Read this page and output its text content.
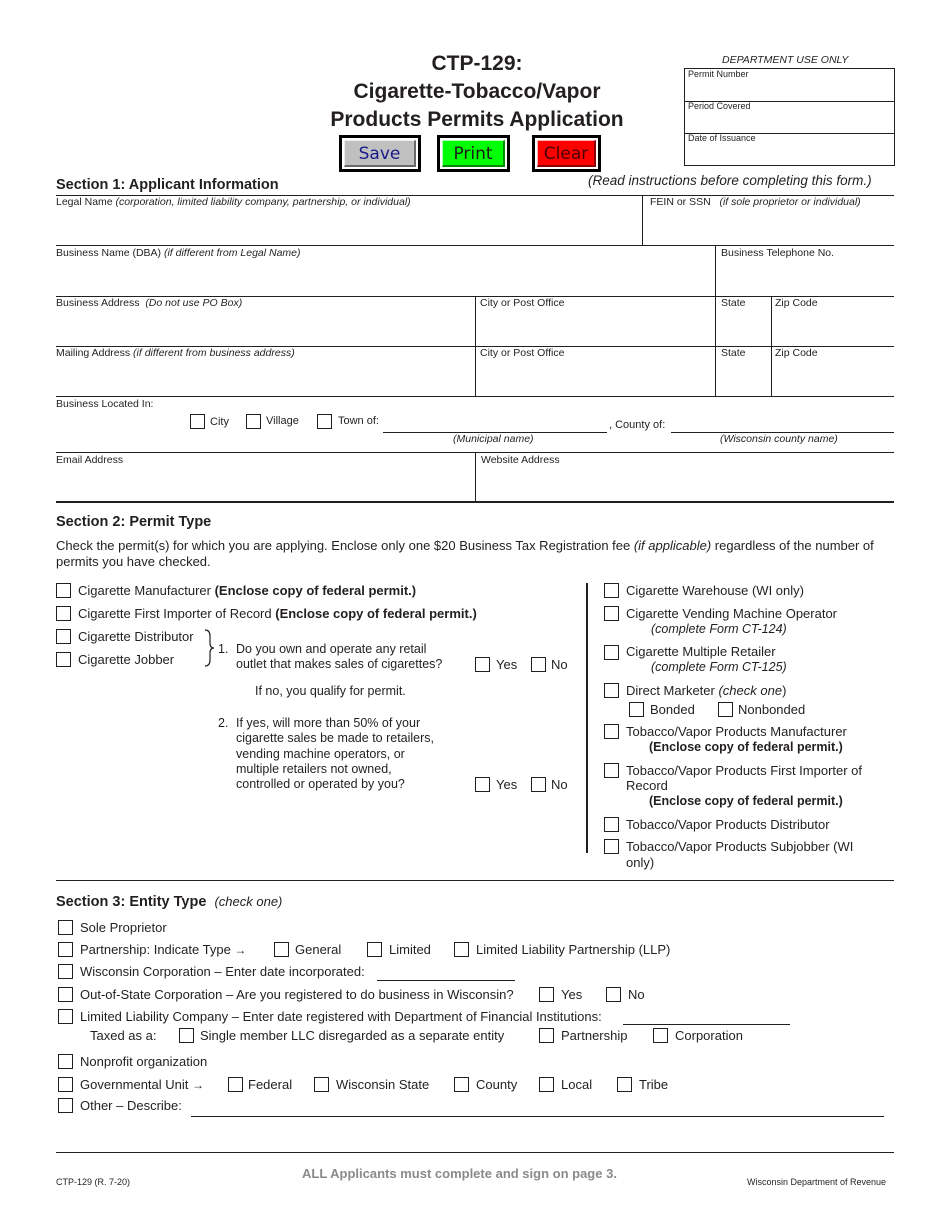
CTP-129:
Cigarette-Tobacco/Vapor
Products Permits Application
Save	Print	Clear
DEPARTMENT USE ONLY
Permit Number
Period Covered
Date of Issuance
Section 1: Applicant Information	(Read instructions before completing this form.)
Legal Name (corporation, limited liability company, partnership, or individual)	FEIN or SSN (if sole proprietor or individual)
Business Name (DBA) (if different from Legal Name)	Business Telephone No.
Business Address (Do not use PO Box)	City or Post Office	State	Zip Code
Mailing Address (if different from business address)	City or Post Office	State	Zip Code
Business Located In:
City	Village	Town of:
(Municipal name)
, County of:
(Wisconsin county name)
Email Address	Website Address
Section 2: Permit Type
Check the permit(s) for which you are applying. Enclose only one $20 Business Tax Registration fee (if applicable) regardless of the number of permits you have checked.
Cigarette Manufacturer (Enclose copy of federal permit.)
Cigarette First Importer of Record (Enclose copy of federal permit.)
Cigarette Distributor
Cigarette Jobber
1. Do you own and operate any retail
outlet that makes sales of cigarettes?	Yes	No
If no, you qualify for permit.
2. If yes, will more than 50% of your
cigarette sales be made to retailers,
vending machine operators, or
multiple retailers not owned,
controlled or operated by you?	Yes	No
Cigarette Warehouse (WI only)
Cigarette Vending Machine Operator
(complete Form CT-124)
Cigarette Multiple Retailer
(complete Form CT-125)
Direct Marketer (check one)
Bonded	Nonbonded
Tobacco/Vapor Products Manufacturer
(Enclose copy of federal permit.)
Tobacco/Vapor Products First Importer of
Record
(Enclose copy of federal permit.)
Tobacco/Vapor Products Distributor
Tobacco/Vapor Products Subjobber (WI
only)
Section 3: Entity Type (check one)
Sole Proprietor
Partnership: Indicate Type →	General	Limited	Limited Liability Partnership (LLP)
Wisconsin Corporation – Enter date incorporated:
Out-of-State Corporation – Are you registered to do business in Wisconsin?	Yes	No
Limited Liability Company – Enter date registered with Department of Financial Institutions:
Taxed as a:	Single member LLC disregarded as a separate entity	Partnership	Corporation
Nonprofit organization
Governmental Unit →	Federal	Wisconsin State	County	Local	Tribe
Other – Describe:
CTP-129 (R. 7-20)
ALL Applicants must complete and sign on page 3.
Wisconsin Department of Revenue
